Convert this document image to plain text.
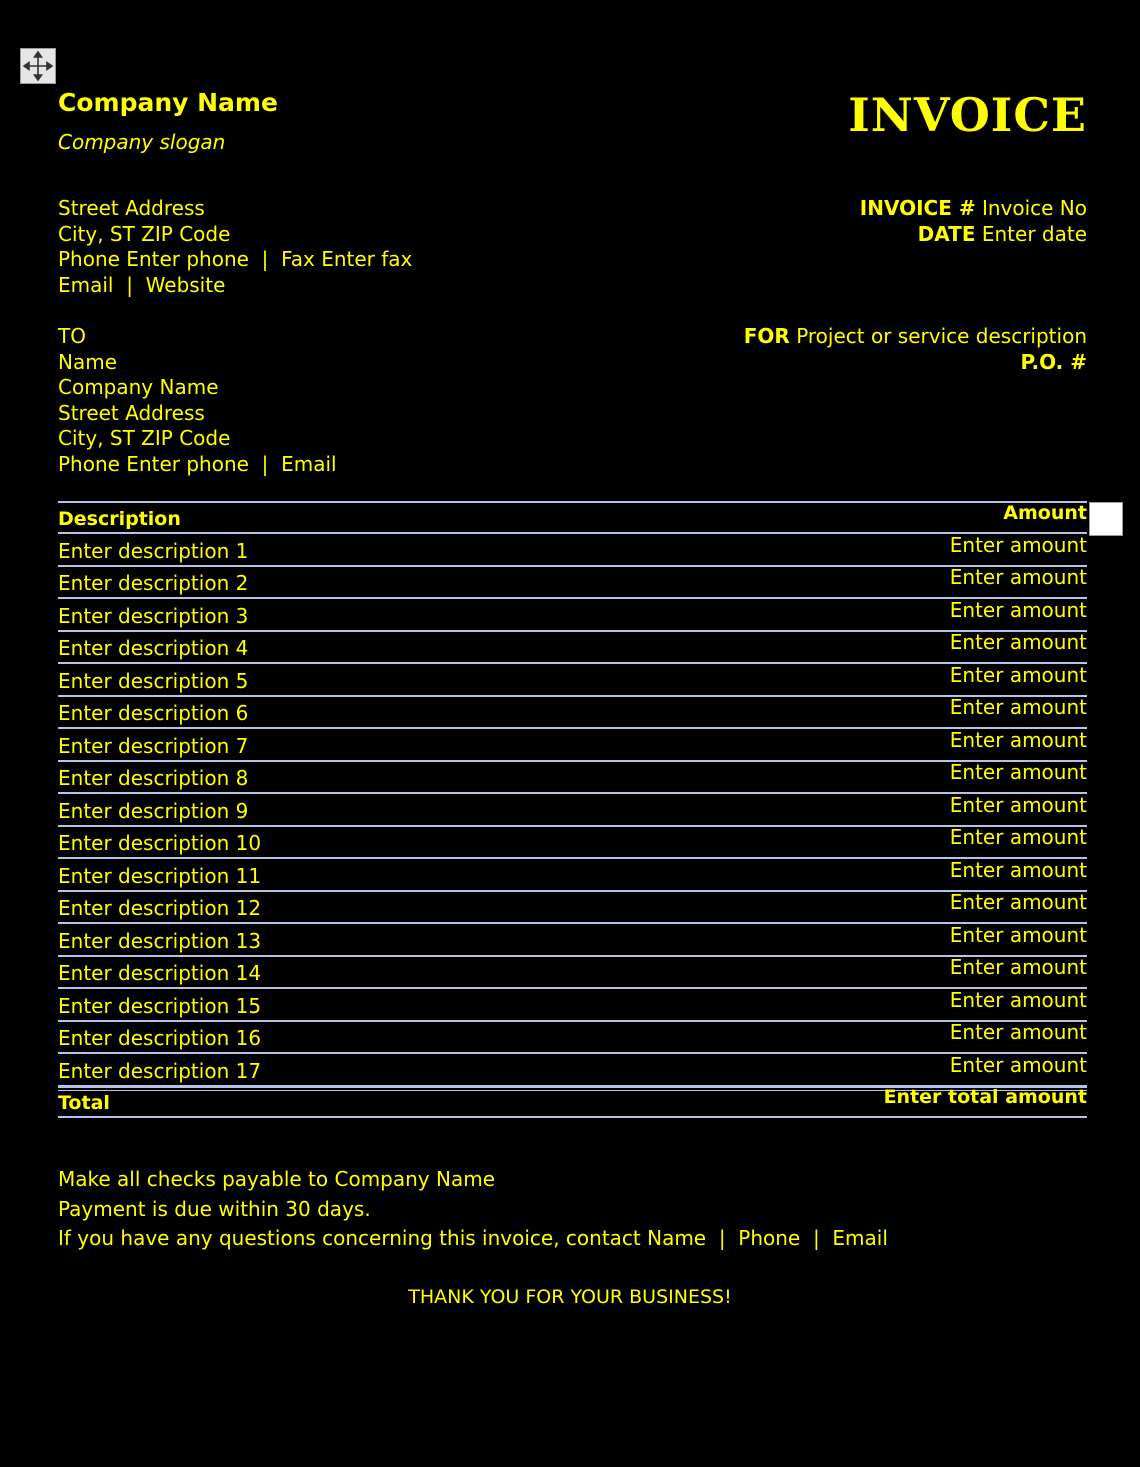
Company Name
Company slogan	INVOICE
Street Address
City, ST ZIP Code
Phone Enter phone  |  Fax Enter fax
Email  |  Website
INVOICE # Invoice No
DATE Enter date
TO
Name
Company Name
Street Address
City, ST ZIP Code
Phone Enter phone  |  Email
FOR Project or service description
P.O. #
Description	Amount
Enter description 1	Enter amount
Enter description 2	Enter amount
Enter description 3	Enter amount
Enter description 4	Enter amount
Enter description 5	Enter amount
Enter description 6	Enter amount
Enter description 7	Enter amount
Enter description 8	Enter amount
Enter description 9	Enter amount
Enter description 10	Enter amount
Enter description 11	Enter amount
Enter description 12	Enter amount
Enter description 13	Enter amount
Enter description 14	Enter amount
Enter description 15	Enter amount
Enter description 16	Enter amount
Enter description 17	Enter amount
Total	Enter total amount
Make all checks payable to Company Name
Payment is due within 30 days.
If you have any questions concerning this invoice, contact Name  |  Phone  |  Email
THANK YOU FOR YOUR BUSINESS!
